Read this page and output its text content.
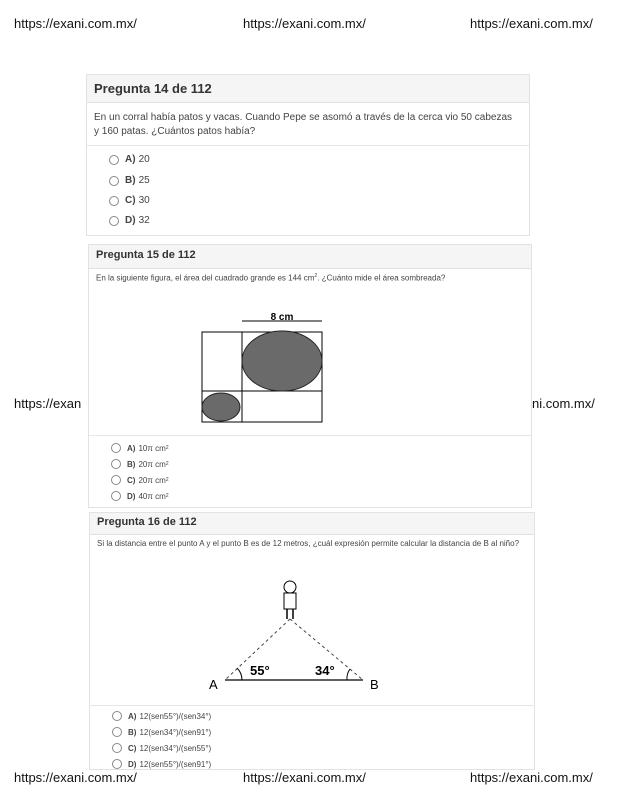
https://exani.com.mx/	https://exani.com.mx/	https://exani.com.mx/
https://exan	ni.com.mx/
https://exani.com.mx/	https://exani.com.mx/	https://exani.com.mx/
Pregunta 14 de 112
En un corral había patos y vacas. Cuando Pepe se asomó a través de la cerca vio 50 cabezas y 160 patas. ¿Cuántos patos había?
A) 20
B) 25
C) 30
D) 32
Pregunta 15 de 112
En la siguiente figura, el área del cuadrado grande es 144 $cm^2$. ¿Cuánto mide el área sombreada?
8 cm
A) 10π cm 2
B) 20π cm 2
C) 20π cm 2
D) 40π cm 2
Pregunta 16 de 112
Si la distancia entre el punto A y el punto B es de 12 metros, ¿cuál expresión permite calcular la distancia de B al niño?
A	B
55°	34°
A) 12(sen55°)/(sen34°)
B) 12(sen34°)/(sen91°)
C) 12(sen34°)/(sen55°)
D) 12(sen55°)/(sen91°)
